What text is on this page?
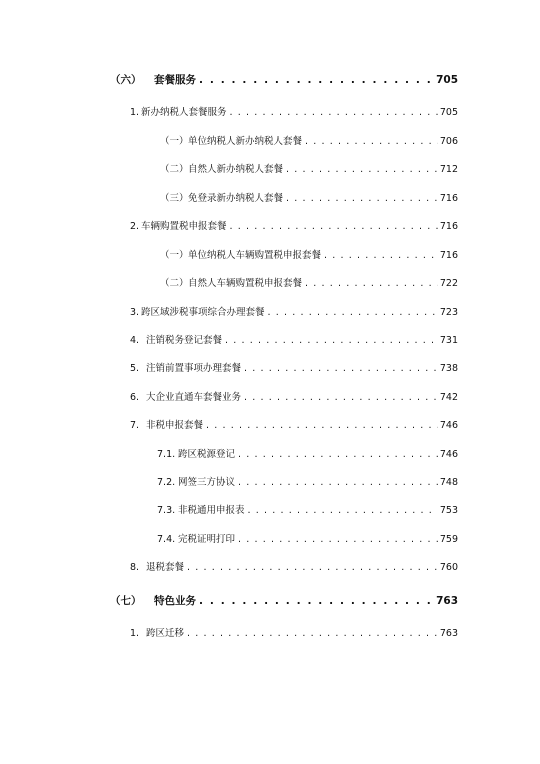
（六）	套餐服务 . . .	705
1. 新办纳税人套餐服务 . . .	705
（一） 单位纳税人新办纳税人套餐 . . .	706
（二） 自然人新办纳税人套餐 . . .	712
（三） 免登录新办纳税人套餐 . . .	716
2. 车辆购置税申报套餐 . . .	716
（一） 单位纳税人车辆购置税申报套餐 . . .	716
（二） 自然人车辆购置税申报套餐 . . .	722
3. 跨区域涉税事项综合办理套餐 . . .	723
4. 注销税务登记套餐 . . .	731
5. 注销前置事项办理套餐 . . .	738
6. 大企业直通车套餐业务 . . .	742
7. 非税申报套餐 . . .	746
7.1. 跨区税源登记 . . .	746
7.2. 网签三方协议 . . .	748
7.3. 非税通用申报表 . . .	753
7.4. 完税证明打印 . . .	759
8. 退税套餐 . . .	760
（七）	特色业务 . . .	763
1. 跨区迁移 . . .	763
